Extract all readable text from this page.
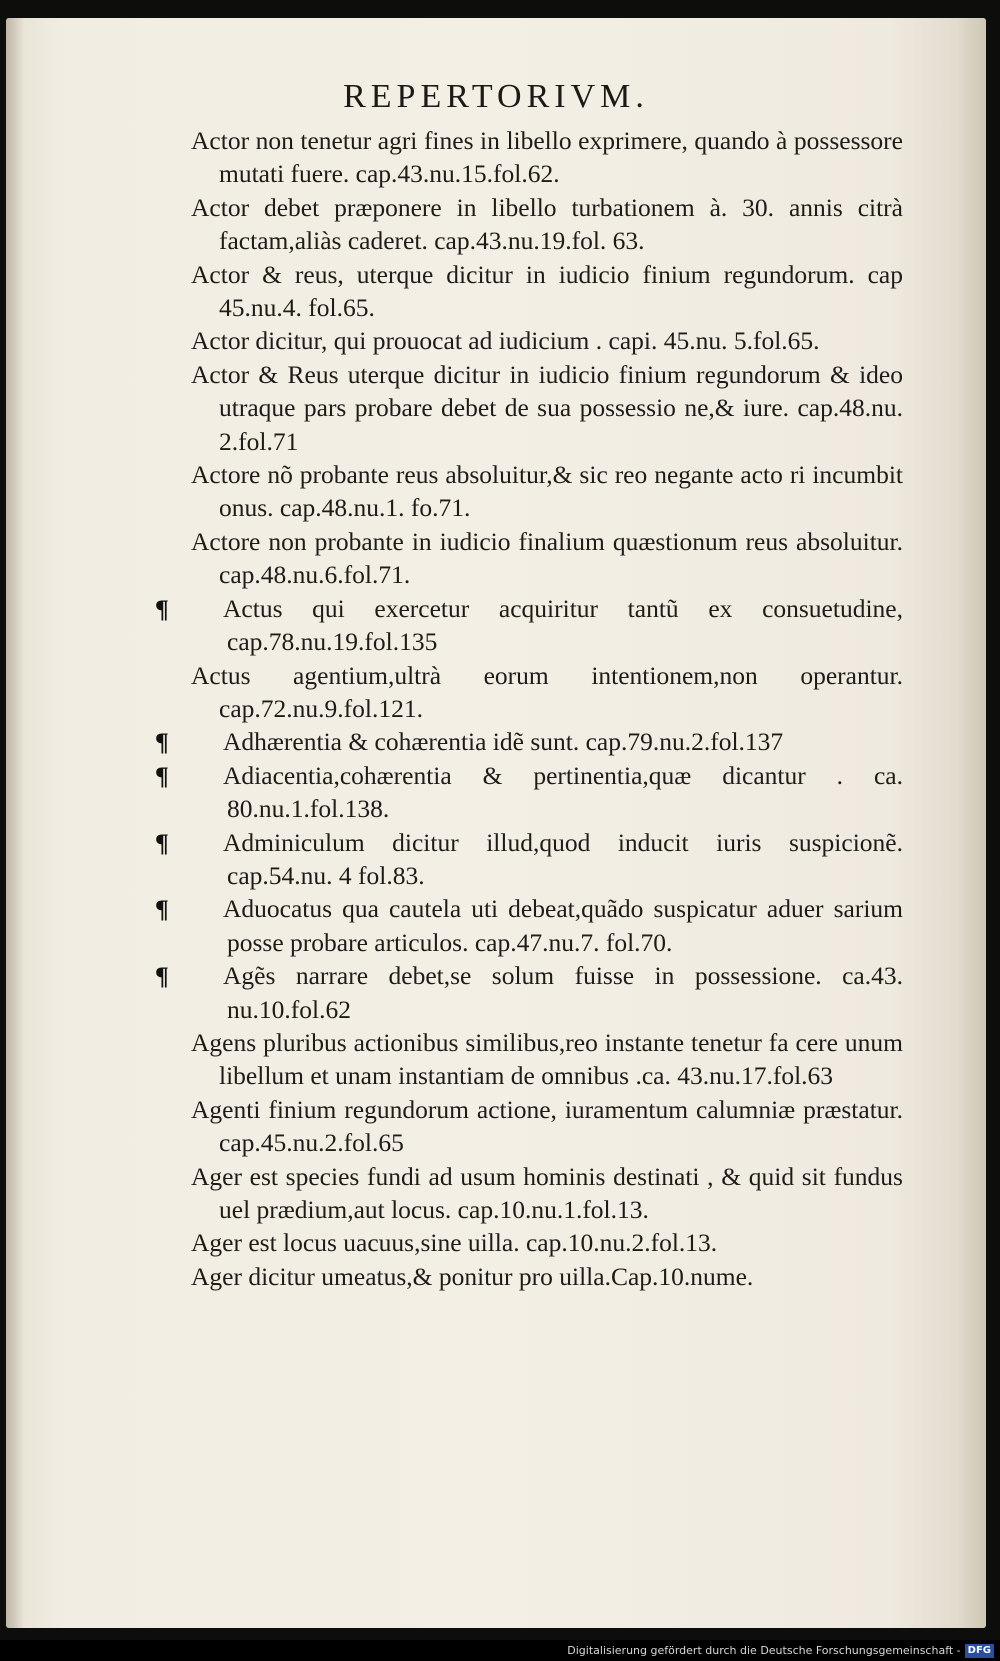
REPERTORIVM.

Actor non tenetur agri fines in libello exprimere, quando à possessore mutati fuere. cap.43.nu.15.fol.62.

Actor debet præponere in libello turbationem à. 30. annis citrà factam,aliàs caderet. cap.43.nu.19.fol. 63.

Actor & reus, uterque dicitur in iudicio finium regundorum. cap 45.nu.4. fol.65.

Actor dicitur, qui prouocat ad iudicium . capi. 45.nu. 5.fol.65.

Actor & Reus uterque dicitur in iudicio finium regundorum & ideo utraque pars probare debet de sua possessio ne,& iure. cap.48.nu. 2.fol.71

Actore nõ probante reus absoluitur,& sic reo negante acto ri incumbit onus. cap.48.nu.1. fo.71.

Actore non probante in iudicio finalium quæstionum reus absoluitur. cap.48.nu.6.fol.71.

¶ Actus qui exercetur acquiritur tantũ ex consuetudine, cap.78.nu.19.fol.135

Actus agentium,ultrà eorum intentionem,non operantur. cap.72.nu.9.fol.121.

¶ Adhærentia & cohærentia idẽ sunt. cap.79.nu.2.fol.137

¶ Adiacentia,cohærentia & pertinentia,quæ dicantur . ca. 80.nu.1.fol.138.

¶ Adminiculum dicitur illud,quod inducit iuris suspicionẽ. cap.54.nu. 4 fol.83.

¶ Aduocatus qua cautela uti debeat,quãdo suspicatur aduer sarium posse probare articulos. cap.47.nu.7. fol.70.

¶ Agẽs narrare debet,se solum fuisse in possessione. ca.43. nu.10.fol.62

Agens pluribus actionibus similibus,reo instante tenetur fa cere unum libellum et unam instantiam de omnibus .ca. 43.nu.17.fol.63

Agenti finium regundorum actione, iuramentum calumniæ præstatur. cap.45.nu.2.fol.65

Ager est species fundi ad usum hominis destinati , & quid sit fundus uel prædium,aut locus. cap.10.nu.1.fol.13.

Ager est locus uacuus,sine uilla. cap.10.nu.2.fol.13.

Ager dicitur umeatus,& ponitur pro uilla.Cap.10.nume.

Digitalisierung gefördert durch die Deutsche Forschungsgemeinschaft - DFG
